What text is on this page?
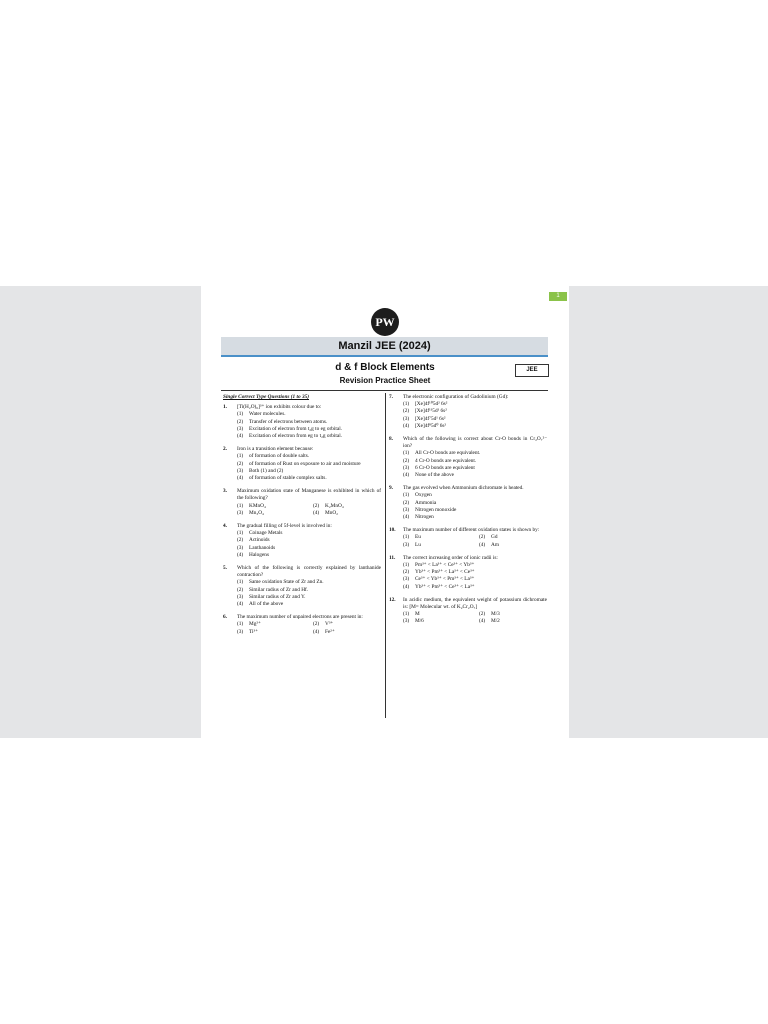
1
PW
Manzil JEE (2024)
d & f Block Elements
Revision Practice Sheet
JEE
Single Correct Type Questions (1 to 35)
1. [Ti(H₂O)₆]³⁺ ion exhibits colour due to:
(1)	Water molecules.
(2)	Transfer of electrons between atoms.
(3)	Excitation of electron from t₂g to eg orbital.
(4)	Excitation of electron from eg to t₂g orbital.
2. Iron is a transition element because:
(1)	of formation of double salts.
(2)	of formation of Rust on exposure to air and moisture
(3)	Both (1) and (2)
(4)	of formation of stable complex salts.
3. Maximum oxidation state of Manganese is exhibited in which of the following?
(1)	KMnO₄	(2)	K₂MnO₄
(3)	Mn₃O₄	(4)	MnO₂
4. The gradual filling of 5f-level is involved in:
(1)	Coinage Metals
(2)	Actinoids
(3)	Lanthanoids
(4)	Halogens
5. Which of the following is correctly explained by lanthanide contraction?
(1)	Same oxidation State of Zr and Zn.
(2)	Similar radius of Zr and Hf.
(3)	Similar radius of Zr and Y.
(4)	All of the above
6. The maximum number of unpaired electrons are present in:
(1)	Mg²⁺	(2)	V³⁺
(3)	Ti³⁺	(4)	Fe²⁺
7. The electronic configuration of Gadolinium (Gd):
(1)	[Xe]4f¹⁰5d² 6s²
(2)	[Xe]4f¹¹5d¹ 6s²
(3)	[Xe]4f⁷5d¹ 6s²
(4)	[Xe]4f⁸5d⁰ 6s²
8. Which of the following is correct about Cr-O bonds in Cr₂O₇²⁻ ion?
(1)	All Cr-O bonds are equivalent.
(2)	4 Cr-O bonds are equivalent.
(3)	6 Cr-O bonds are equivalent
(4)	None of the above
9. The gas evolved when Ammonium dichromate is heated.
(1)	Oxygen
(2)	Ammonia
(3)	Nitrogen monoxide
(4)	Nitrogen
10. The maximum number of different oxidation states is shown by:
(1)	Eu	(2)	Gd
(3)	Lu	(4)	Am
11. The correct increasing order of ionic radii is:
(1)	Pm³⁺ < La³⁺ < Ce³⁺ < Yb³⁺
(2)	Yb³⁺ < Pm³⁺ < La³⁺ < Ce³⁺
(3)	Ce³⁺ < Yb³⁺ < Pm³⁺ < La³⁺
(4)	Yb³⁺ < Pm³⁺ < Ce³⁺ < La³⁺
12. In acidic medium, the equivalent weight of potassium dichromate is: [M= Molecular wt. of K₂Cr₂O₇]
(1)	M	(2)	M/3
(3)	M/6	(4)	M/2
